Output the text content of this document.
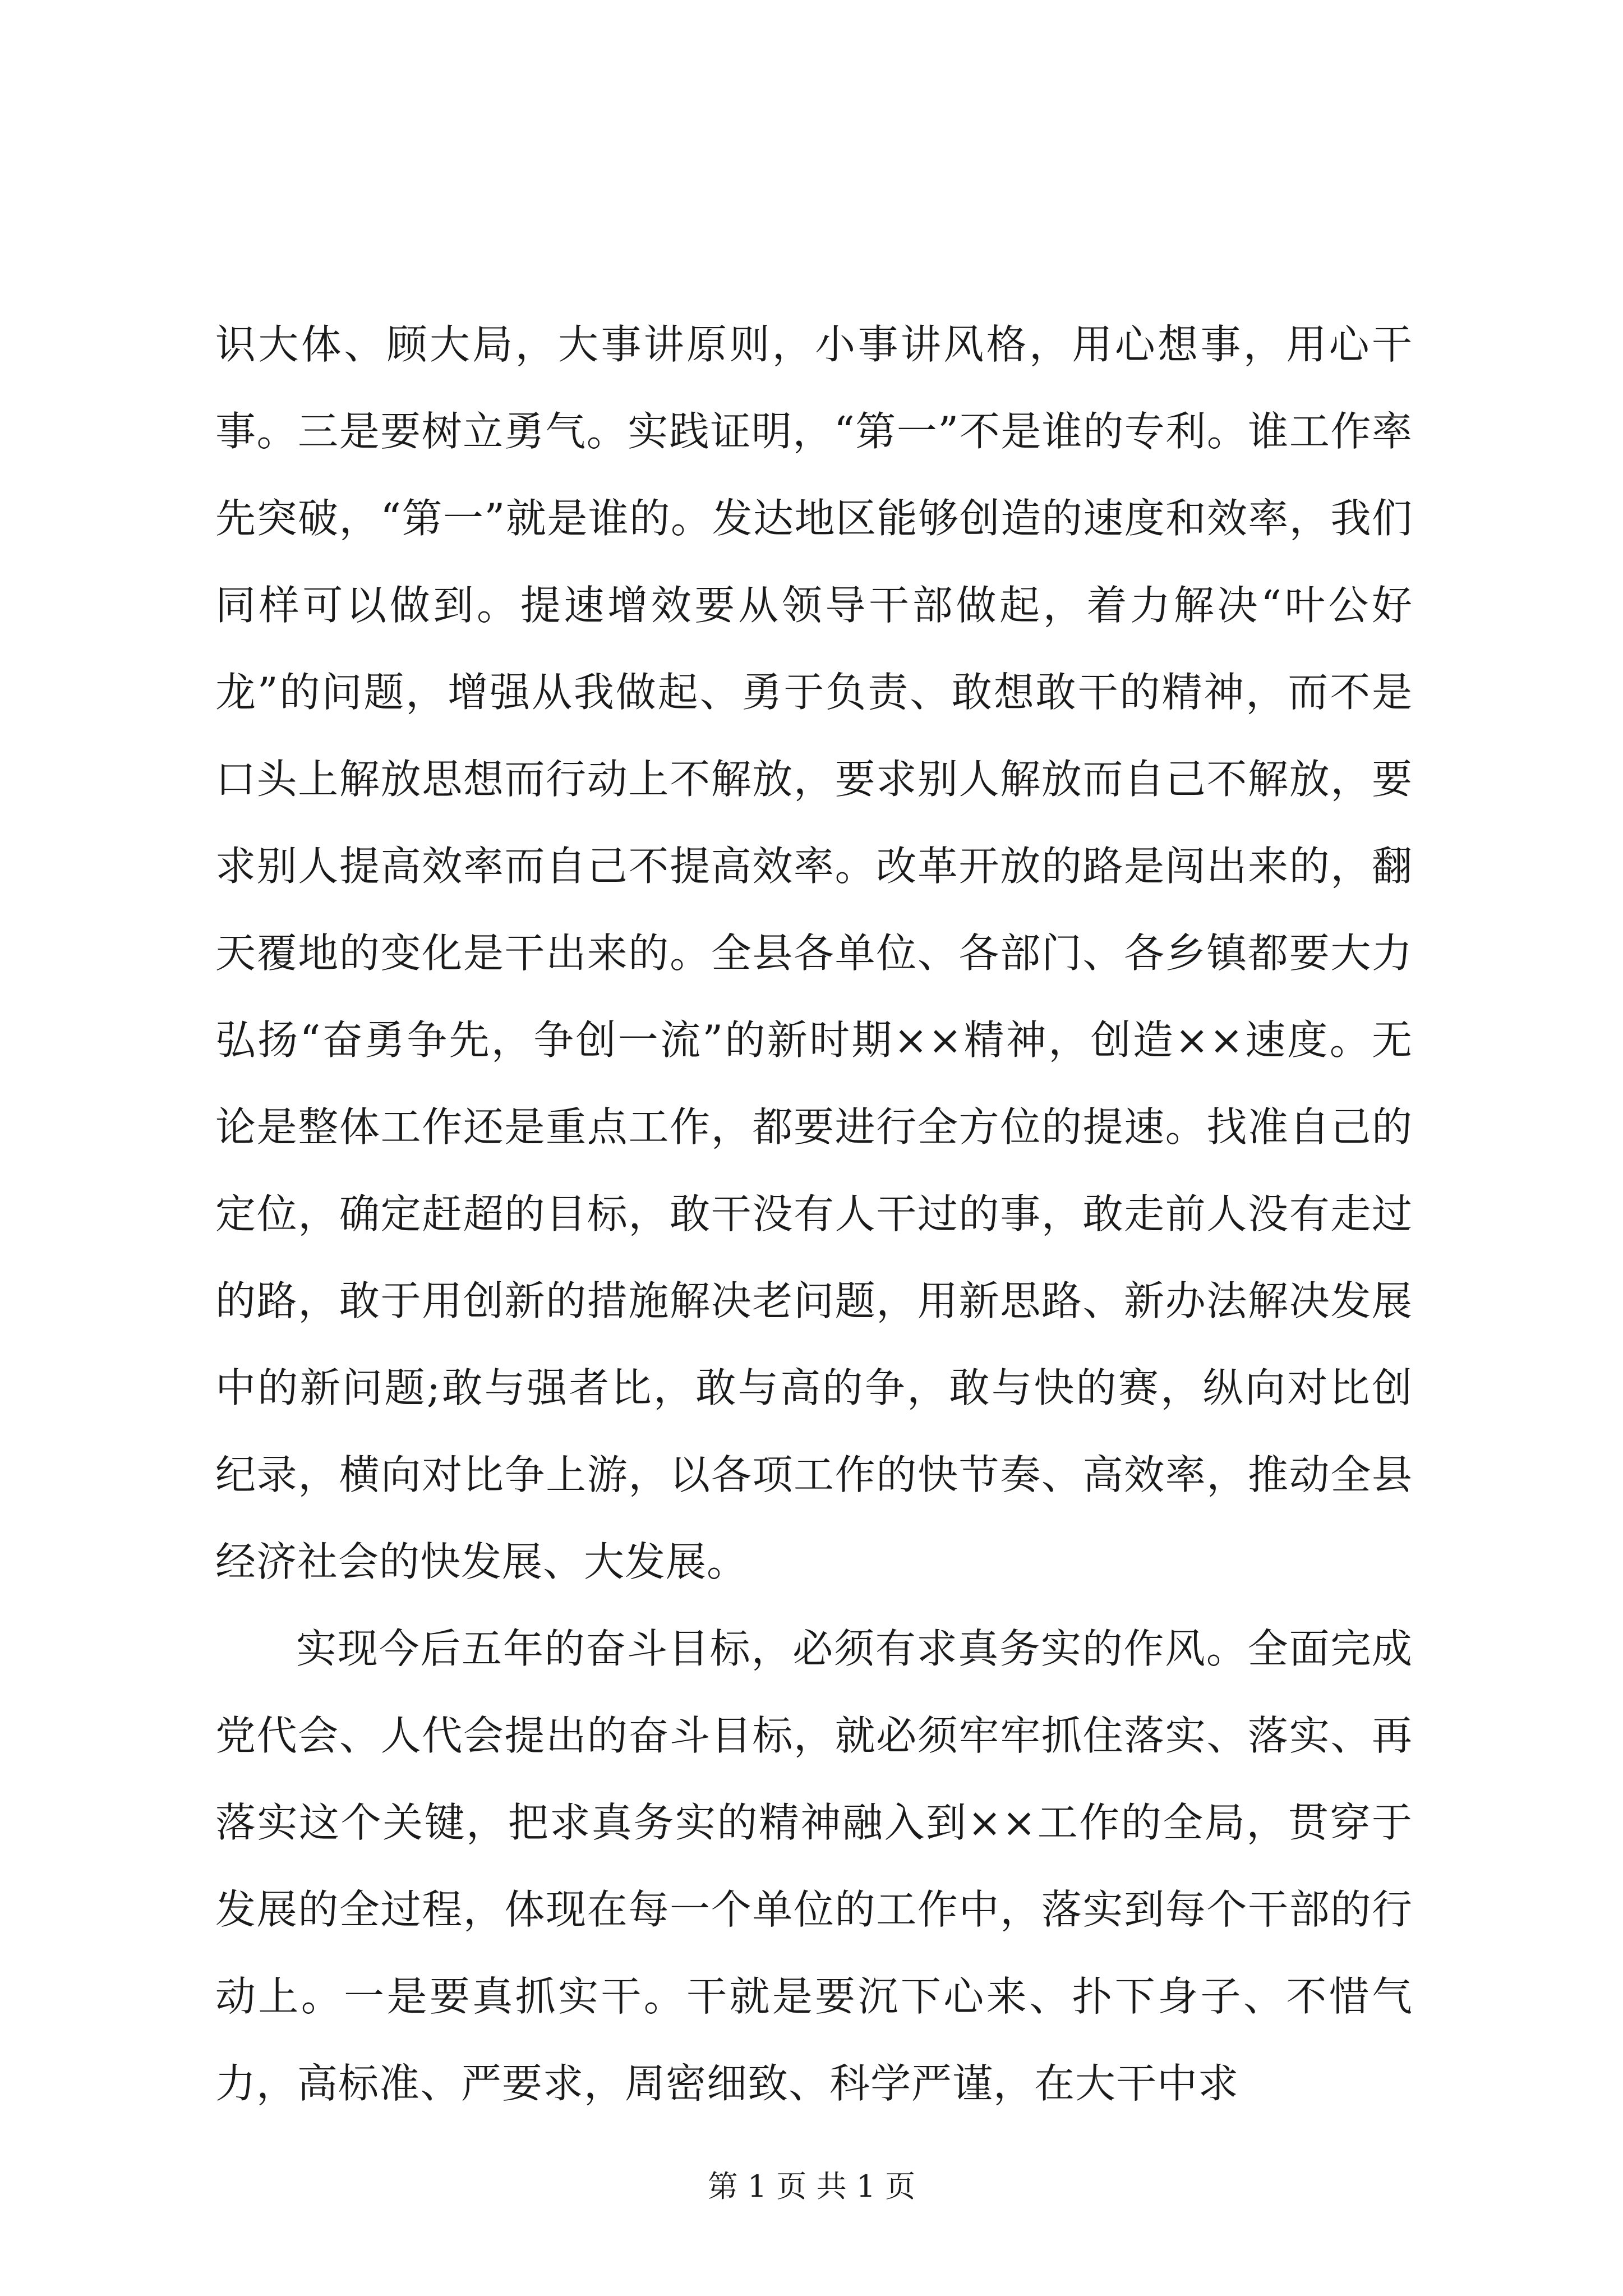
识大体、顾大局，大事讲原则，小事讲风格，用心想事，用心干事。三是要树立勇气。实践证明，“第一”不是谁的专利。谁工作率先突破，“第一”就是谁的。发达地区能够创造的速度和效率，我们同样可以做到。提速增效要从领导干部做起，着力解决“叶公好龙”的问题，增强从我做起、勇于负责、敢想敢干的精神，而不是口头上解放思想而行动上不解放，要求别人解放而自己不解放，要求别人提高效率而自己不提高效率。改革开放的路是闯出来的，翻天覆地的变化是干出来的。全县各单位、各部门、各乡镇都要大力弘扬“奋勇争先，争创一流”的新时期××精神，创造××速度。无论是整体工作还是重点工作，都要进行全方位的提速。找准自己的定位，确定赶超的目标，敢干没有人干过的事，敢走前人没有走过的路，敢于用创新的措施解决老问题，用新思路、新办法解决发展中的新问题;敢与强者比，敢与高的争，敢与快的赛，纵向对比创纪录，横向对比争上游，以各项工作的快节奏、高效率，推动全县经济社会的快发展、大发展。

实现今后五年的奋斗目标，必须有求真务实的作风。全面完成党代会、人代会提出的奋斗目标，就必须牢牢抓住落实、落实、再落实这个关键，把求真务实的精神融入到××工作的全局，贯穿于发展的全过程，体现在每一个单位的工作中，落实到每个干部的行动上。一是要真抓实干。干就是要沉下心来、扑下身子、不惜气力，高标准、严要求，周密细致、科学严谨，在大干中求

第 1 页 共 1 页
